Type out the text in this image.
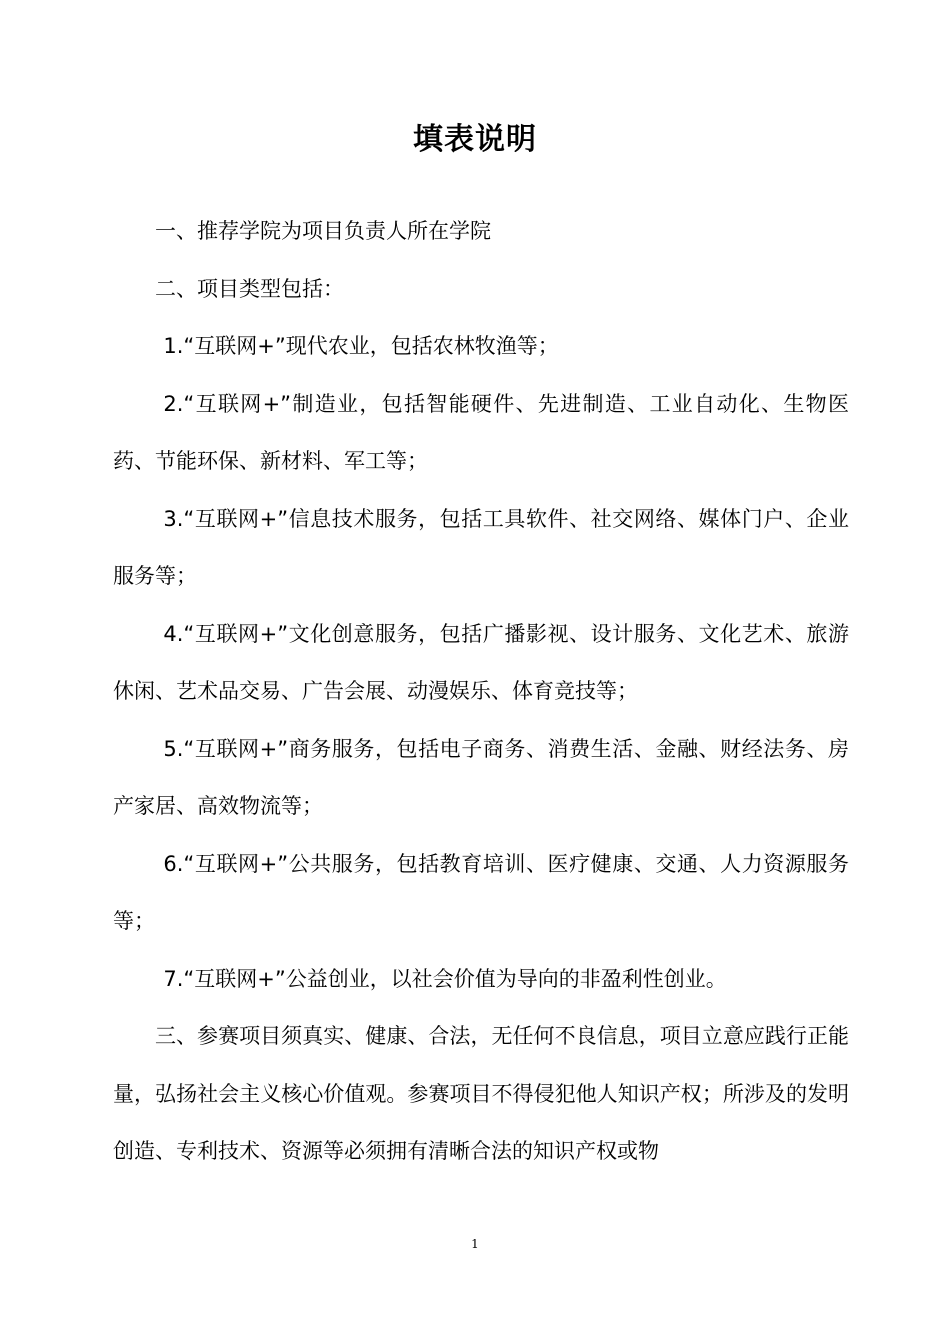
填表说明

一、推荐学院为项目负责人所在学院

二、项目类型包括：

1.“互联网+”现代农业，包括农林牧渔等；

2.“互联网+”制造业，包括智能硬件、先进制造、工业自动化、生物医药、节能环保、新材料、军工等；

3.“互联网+”信息技术服务，包括工具软件、社交网络、媒体门户、企业服务等；

4.“互联网+”文化创意服务，包括广播影视、设计服务、文化艺术、旅游休闲、艺术品交易、广告会展、动漫娱乐、体育竞技等；

5.“互联网+”商务服务，包括电子商务、消费生活、金融、财经法务、房产家居、高效物流等；

6.“互联网+”公共服务，包括教育培训、医疗健康、交通、人力资源服务等；

7.“互联网+”公益创业，以社会价值为导向的非盈利性创业。

三、参赛项目须真实、健康、合法，无任何不良信息，项目立意应践行正能量，弘扬社会主义核心价值观。参赛项目不得侵犯他人知识产权；所涉及的发明创造、专利技术、资源等必须拥有清晰合法的知识产权或物

1
